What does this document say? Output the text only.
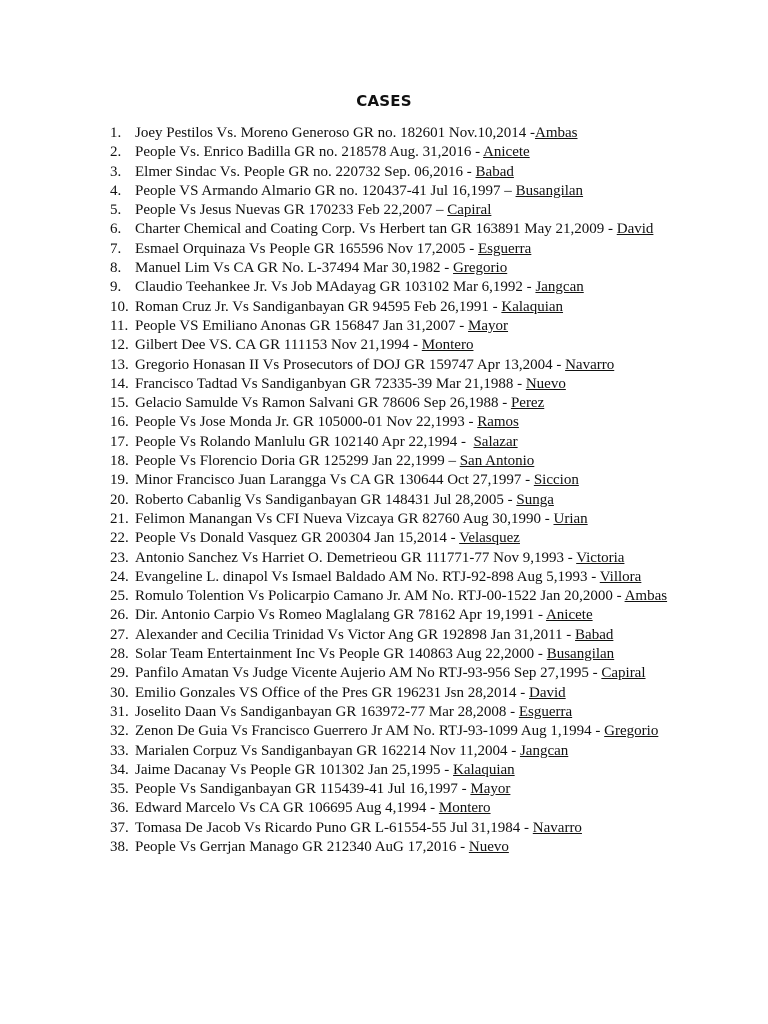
CASES
1. Joey Pestilos Vs. Moreno Generoso GR no. 182601 Nov.10,2014 -Ambas
2. People Vs. Enrico Badilla GR no. 218578 Aug. 31,2016 - Anicete
3. Elmer Sindac Vs. People GR no. 220732 Sep. 06,2016 - Babad
4. People VS Armando Almario GR no. 120437-41 Jul 16,1997 – Busangilan
5. People Vs Jesus Nuevas GR 170233 Feb 22,2007 – Capiral
6. Charter Chemical and Coating Corp. Vs Herbert tan GR 163891 May 21,2009 - David
7. Esmael Orquinaza Vs People GR 165596 Nov 17,2005 - Esguerra
8. Manuel Lim Vs CA GR No. L-37494 Mar 30,1982 - Gregorio
9. Claudio Teehankee Jr. Vs Job MAdayag GR 103102 Mar 6,1992 - Jangcan
10. Roman Cruz Jr. Vs Sandiganbayan GR 94595 Feb 26,1991 - Kalaquian
11. People VS Emiliano Anonas GR 156847 Jan 31,2007 - Mayor
12. Gilbert Dee VS. CA GR 111153 Nov 21,1994 - Montero
13. Gregorio Honasan II Vs Prosecutors of DOJ GR 159747 Apr 13,2004 - Navarro
14. Francisco Tadtad Vs Sandiganbyan GR 72335-39 Mar 21,1988 - Nuevo
15. Gelacio Samulde Vs Ramon Salvani GR 78606 Sep 26,1988 - Perez
16. People Vs Jose Monda Jr. GR 105000-01 Nov 22,1993 - Ramos
17. People Vs Rolando Manlulu GR 102140 Apr 22,1994 -  Salazar
18. People Vs Florencio Doria GR 125299 Jan 22,1999 – San Antonio
19. Minor Francisco Juan Larangga Vs CA GR 130644 Oct 27,1997 - Siccion
20. Roberto Cabanlig Vs Sandiganbayan GR 148431 Jul 28,2005 - Sunga
21. Felimon Manangan Vs CFI Nueva Vizcaya GR 82760 Aug 30,1990 - Urian
22. People Vs Donald Vasquez GR 200304 Jan 15,2014 - Velasquez
23. Antonio Sanchez Vs Harriet O. Demetrieou GR 111771-77 Nov 9,1993 - Victoria
24. Evangeline L. dinapol Vs Ismael Baldado AM No. RTJ-92-898 Aug 5,1993 - Villora
25. Romulo Tolention Vs Policarpio Camano Jr. AM No. RTJ-00-1522 Jan 20,2000 - Ambas
26. Dir. Antonio Carpio Vs Romeo Maglalang GR 78162 Apr 19,1991 - Anicete
27. Alexander and Cecilia Trinidad Vs Victor Ang GR 192898 Jan 31,2011 - Babad
28. Solar Team Entertainment Inc Vs People GR 140863 Aug 22,2000 - Busangilan
29. Panfilo Amatan Vs Judge Vicente Aujerio AM No RTJ-93-956 Sep 27,1995 - Capiral
30. Emilio Gonzales VS Office of the Pres GR 196231 Jsn 28,2014 - David
31. Joselito Daan Vs Sandiganbayan GR 163972-77 Mar 28,2008 - Esguerra
32. Zenon De Guia Vs Francisco Guerrero Jr AM No. RTJ-93-1099 Aug 1,1994 - Gregorio
33. Marialen Corpuz Vs Sandiganbayan GR 162214 Nov 11,2004 - Jangcan
34. Jaime Dacanay Vs People GR 101302 Jan 25,1995 - Kalaquian
35. People Vs Sandiganbayan GR 115439-41 Jul 16,1997 - Mayor
36. Edward Marcelo Vs CA GR 106695 Aug 4,1994 - Montero
37. Tomasa De Jacob Vs Ricardo Puno GR L-61554-55 Jul 31,1984 - Navarro
38. People Vs Gerrjan Manago GR 212340 AuG 17,2016 - Nuevo
